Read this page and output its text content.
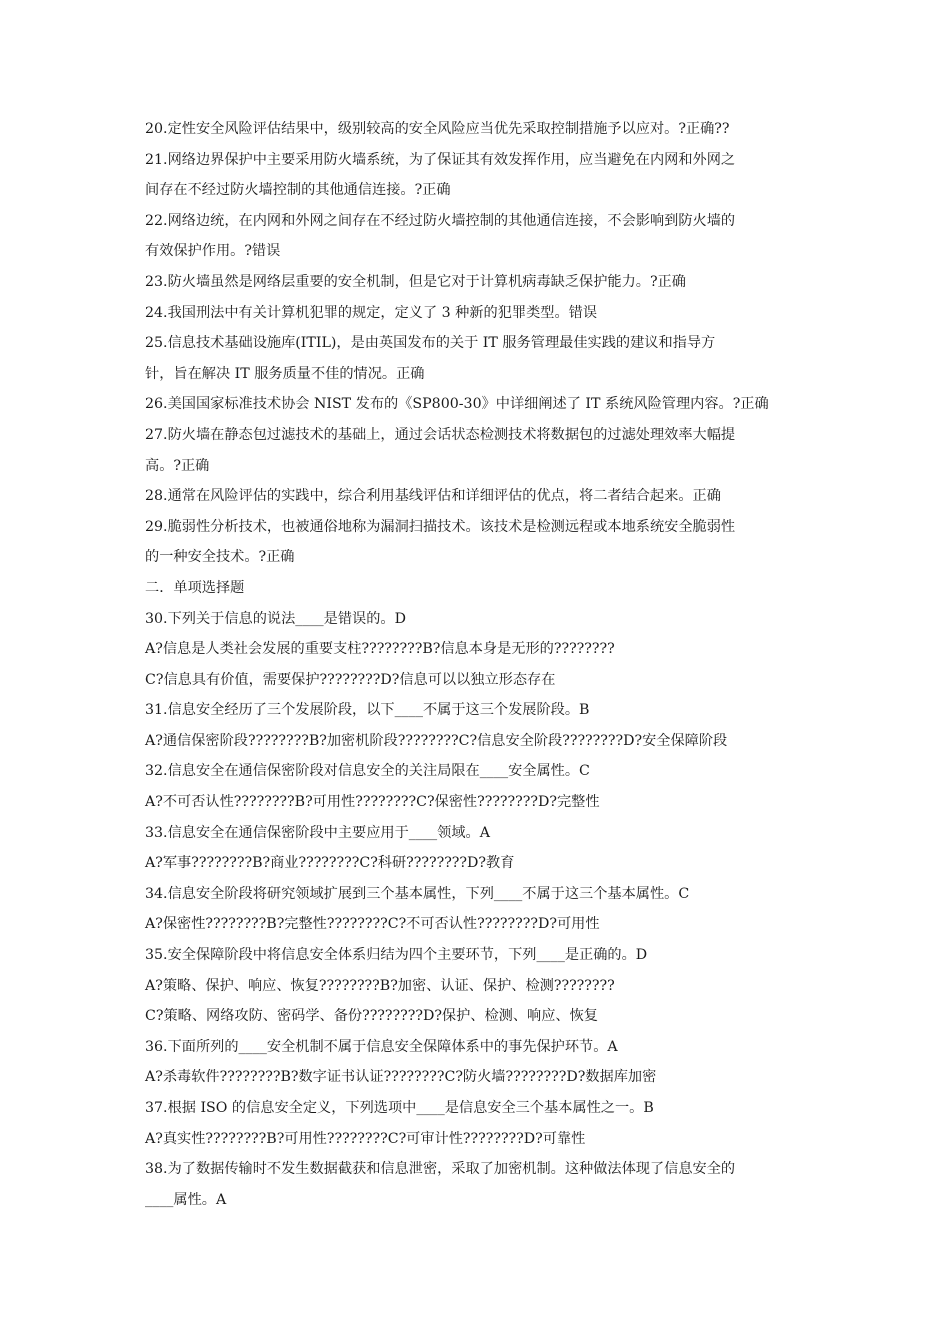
20.定性安全风险评估结果中，级别较高的安全风险应当优先采取控制措施予以应对。?正确??
21.网络边界保护中主要采用防火墙系统，为了保证其有效发挥作用，应当避免在内网和外网之
间存在不经过防火墙控制的其他通信连接。?正确
22.网络边统，在内网和外网之间存在不经过防火墙控制的其他通信连接，不会影响到防火墙的
有效保护作用。?错误
23.防火墙虽然是网络层重要的安全机制，但是它对于计算机病毒缺乏保护能力。?正确
24.我国刑法中有关计算机犯罪的规定，定义了 3 种新的犯罪类型。错误
25.信息技术基础设施库(ITIL)，是由英国发布的关于 IT 服务管理最佳实践的建议和指导方
针，旨在解决 IT 服务质量不佳的情况。正确
26.美国国家标准技术协会 NIST 发布的《SP800-30》中详细阐述了 IT 系统风险管理内容。?正确
27.防火墙在静态包过滤技术的基础上，通过会话状态检测技术将数据包的过滤处理效率大幅提
高。?正确
28.通常在风险评估的实践中，综合利用基线评估和详细评估的优点，将二者结合起来。正确
29.脆弱性分析技术，也被通俗地称为漏洞扫描技术。该技术是检测远程或本地系统安全脆弱性
的一种安全技术。?正确
二．单项选择题
30.下列关于信息的说法____是错误的。D
A?信息是人类社会发展的重要支柱????????B?信息本身是无形的????????
C?信息具有价值，需要保护????????D?信息可以以独立形态存在
31.信息安全经历了三个发展阶段，以下____不属于这三个发展阶段。B
A?通信保密阶段????????B?加密机阶段????????C?信息安全阶段????????D?安全保障阶段
32.信息安全在通信保密阶段对信息安全的关注局限在____安全属性。C
A?不可否认性????????B?可用性????????C?保密性????????D?完整性
33.信息安全在通信保密阶段中主要应用于____领域。A
A?军事????????B?商业????????C?科研????????D?教育
34.信息安全阶段将研究领域扩展到三个基本属性，下列____不属于这三个基本属性。C
A?保密性????????B?完整性????????C?不可否认性????????D?可用性
35.安全保障阶段中将信息安全体系归结为四个主要环节，下列____是正确的。D
A?策略、保护、响应、恢复????????B?加密、认证、保护、检测????????
C?策略、网络攻防、密码学、备份????????D?保护、检测、响应、恢复
36.下面所列的____安全机制不属于信息安全保障体系中的事先保护环节。A
A?杀毒软件????????B?数字证书认证????????C?防火墙????????D?数据库加密
37.根据 ISO 的信息安全定义，下列选项中____是信息安全三个基本属性之一。B
A?真实性????????B?可用性????????C?可审计性????????D?可靠性
38.为了数据传输时不发生数据截获和信息泄密，采取了加密机制。这种做法体现了信息安全的
____属性。A
